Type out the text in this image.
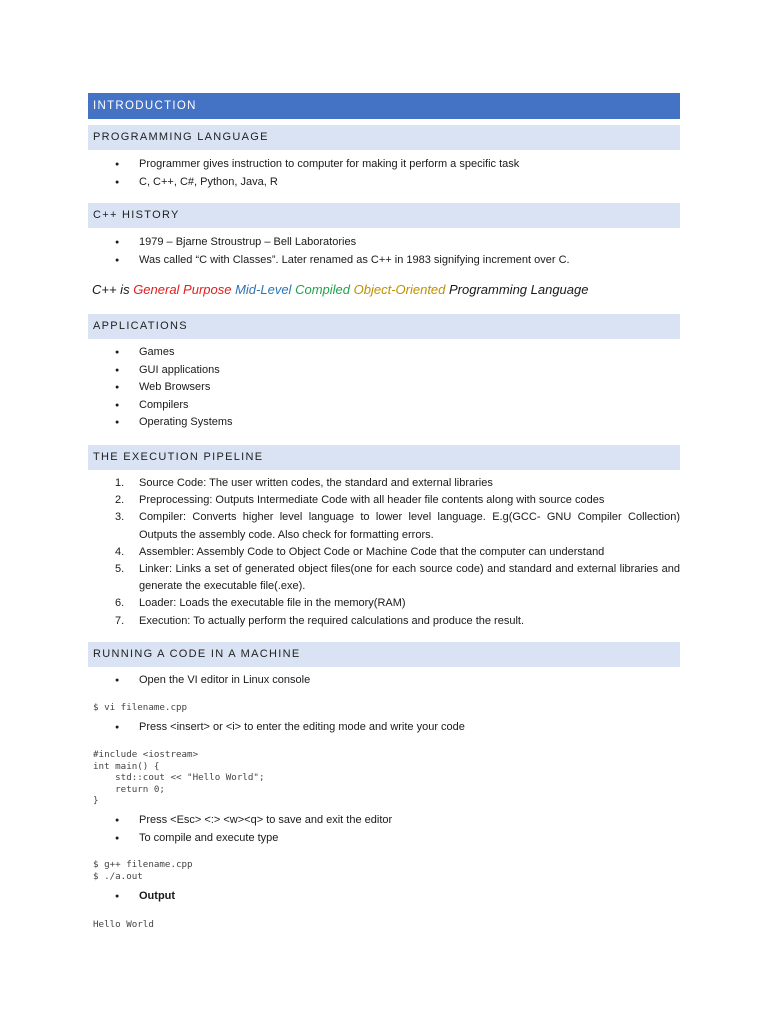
INTRODUCTION
PROGRAMMING LANGUAGE
● Programmer gives instruction to computer for making it perform a specific task
● C, C++, C#, Python, Java, R
C++ HISTORY
● 1979 – Bjarne Stroustrup – Bell Laboratories
● Was called “C with Classes”. Later renamed as C++ in 1983 signifying increment over C.
C++ is General Purpose Mid-Level Compiled Object-Oriented Programming Language
APPLICATIONS
● Games
● GUI applications
● Web Browsers
● Compilers
● Operating Systems
THE EXECUTION PIPELINE
1. Source Code: The user written codes, the standard and external libraries
2. Preprocessing: Outputs Intermediate Code with all header file contents along with source codes
3. Compiler: Converts higher level language to lower level language. E.g(GCC- GNU Compiler Collection) Outputs the assembly code. Also check for formatting errors.
4. Assembler: Assembly Code to Object Code or Machine Code that the computer can understand
5. Linker: Links a set of generated object files(one for each source code) and standard and external libraries and generate the executable file(.exe).
6. Loader: Loads the executable file in the memory(RAM)
7. Execution: To actually perform the required calculations and produce the result.
RUNNING A CODE IN A MACHINE
● Open the VI editor in Linux console
$ vi filename.cpp
● Press <insert> or <i> to enter the editing mode and write your code
#include <iostream>
int main() {
std::cout << "Hello World";
return 0;
}
● Press <Esc> <:> <w><q> to save and exit the editor
● To compile and execute type
$ g++ filename.cpp
$ ./a.out
● Output
Hello World
